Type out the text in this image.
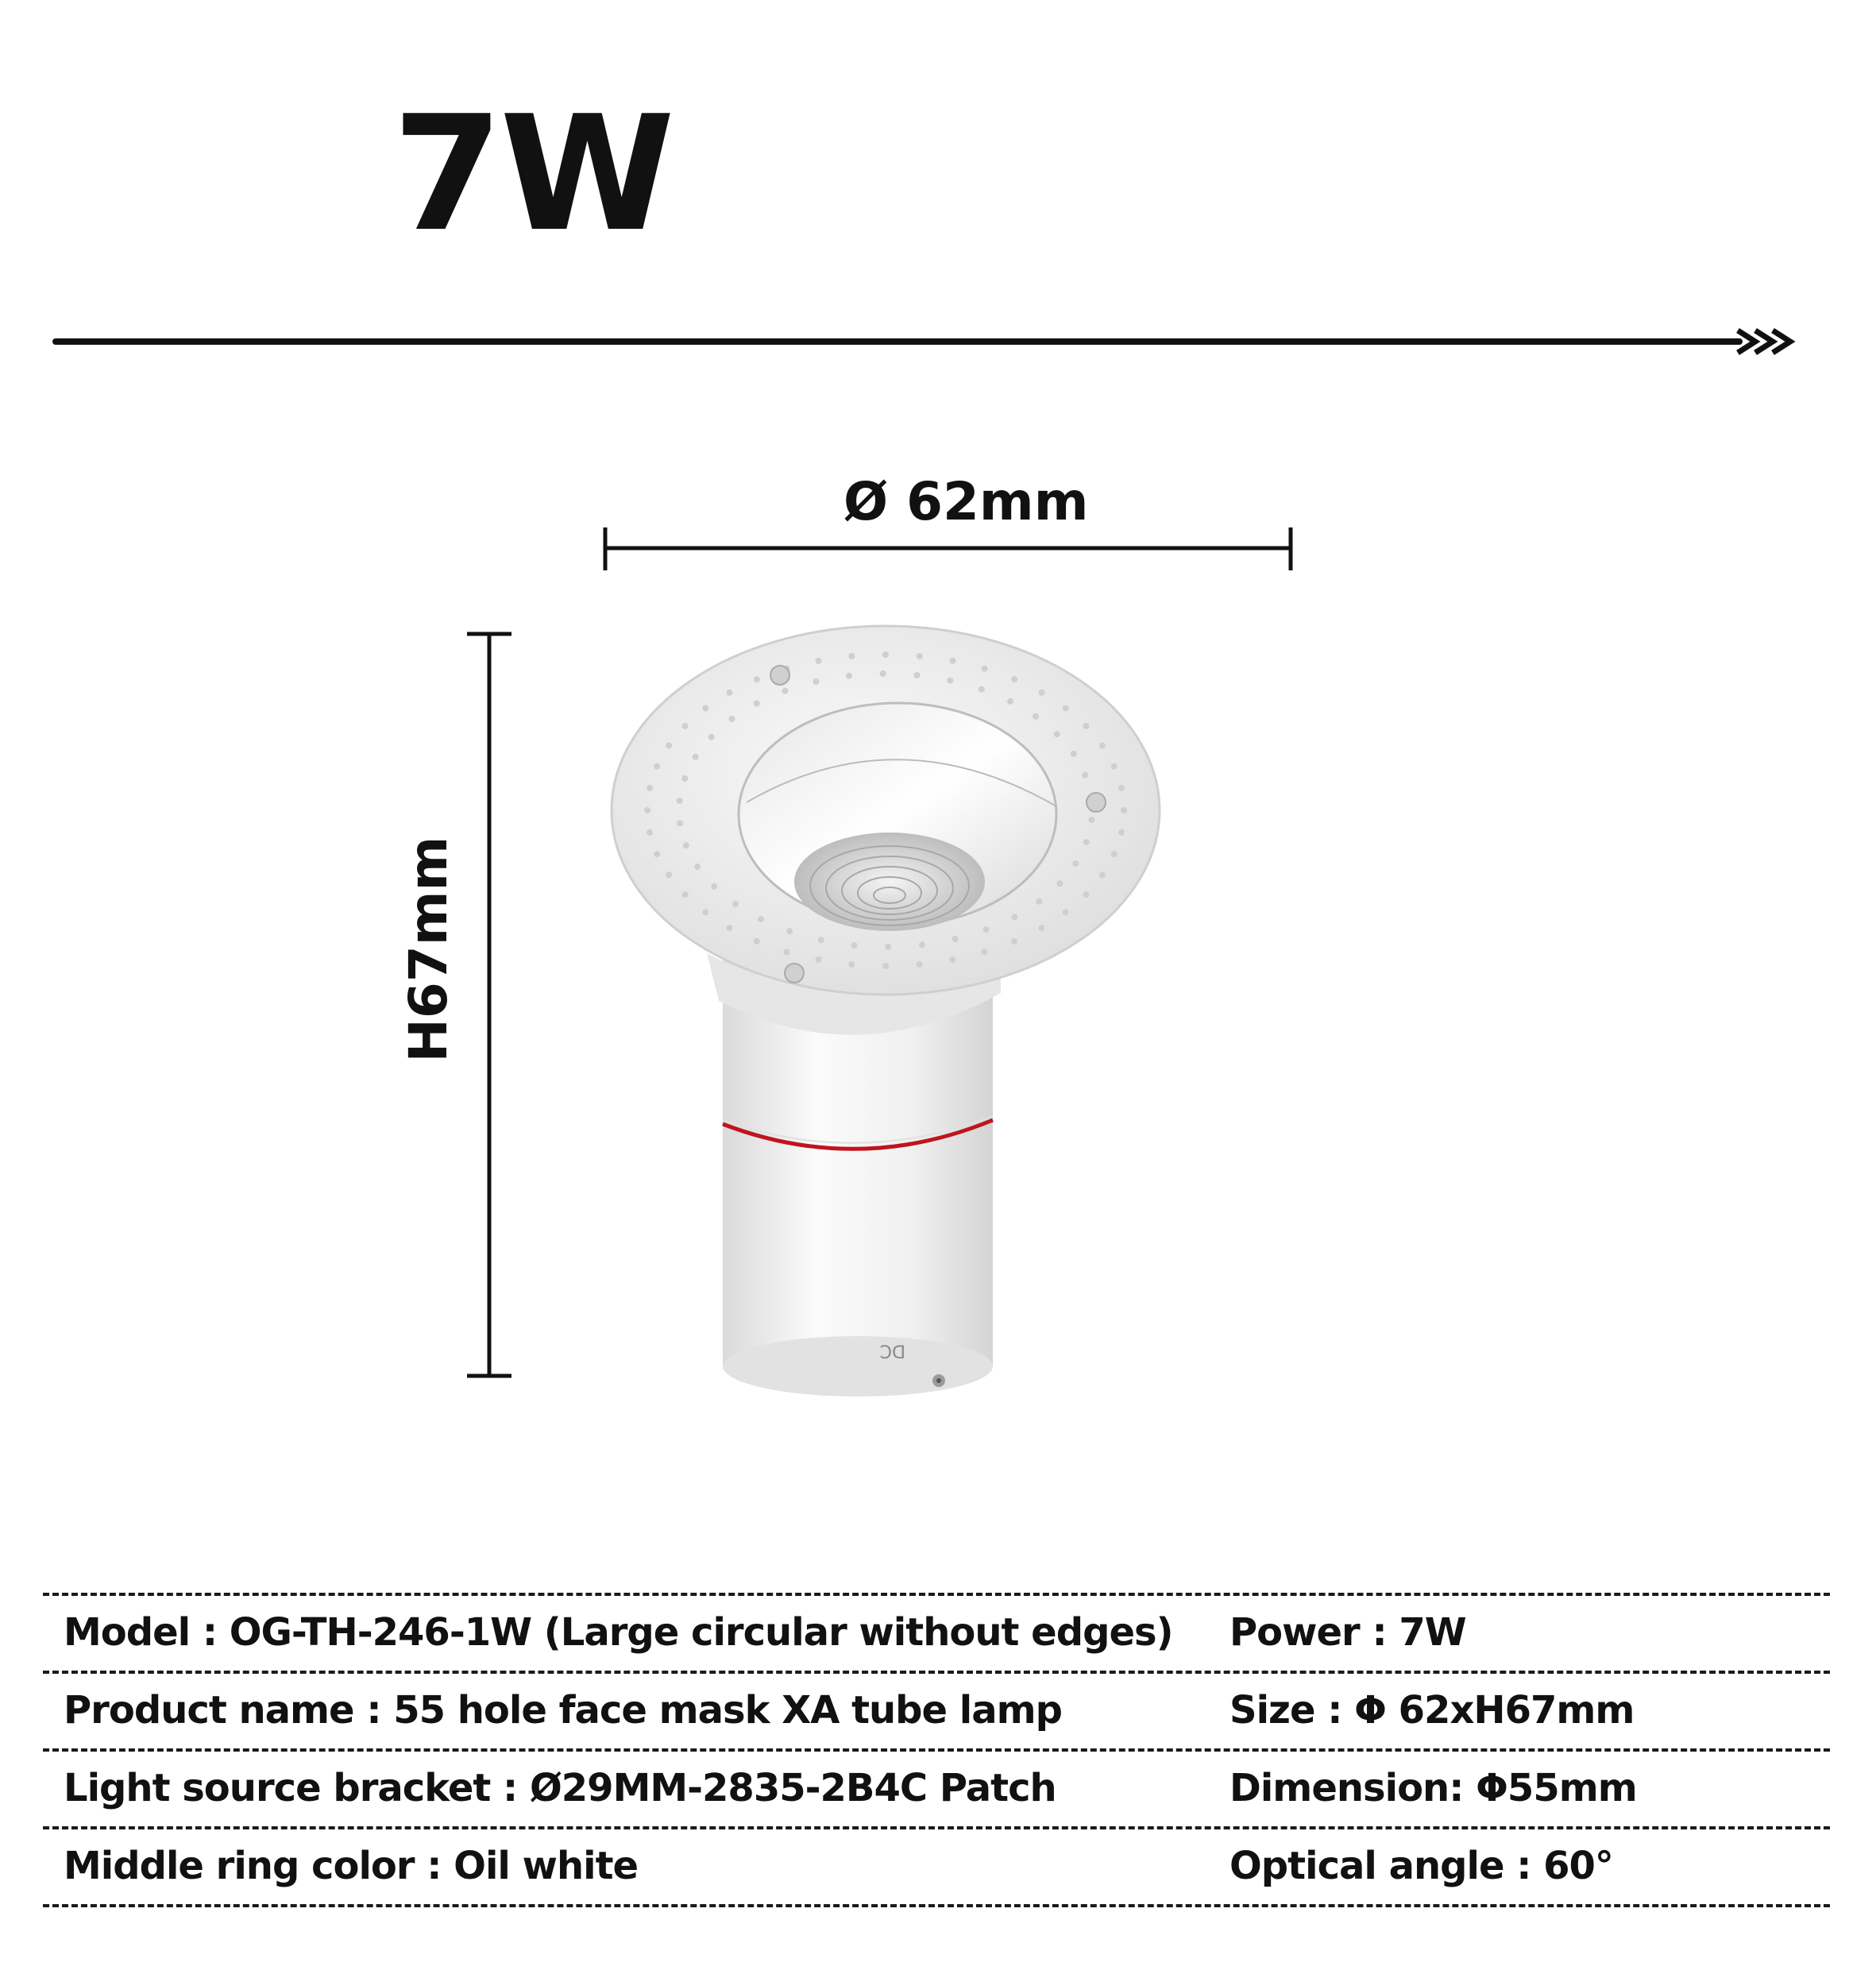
7W
Ø 62mm
H67mm
DC
Model : OG-TH-246-1W (Large circular without edges) Power : 7W
Product name : 55 hole face mask XA tube lamp	Size : Φ 62xH67mm
Light source bracket : Ø29MM-2835-2B4C Patch	Dimension: Φ55mm
Middle ring color : Oil white	Optical angle : 60°
